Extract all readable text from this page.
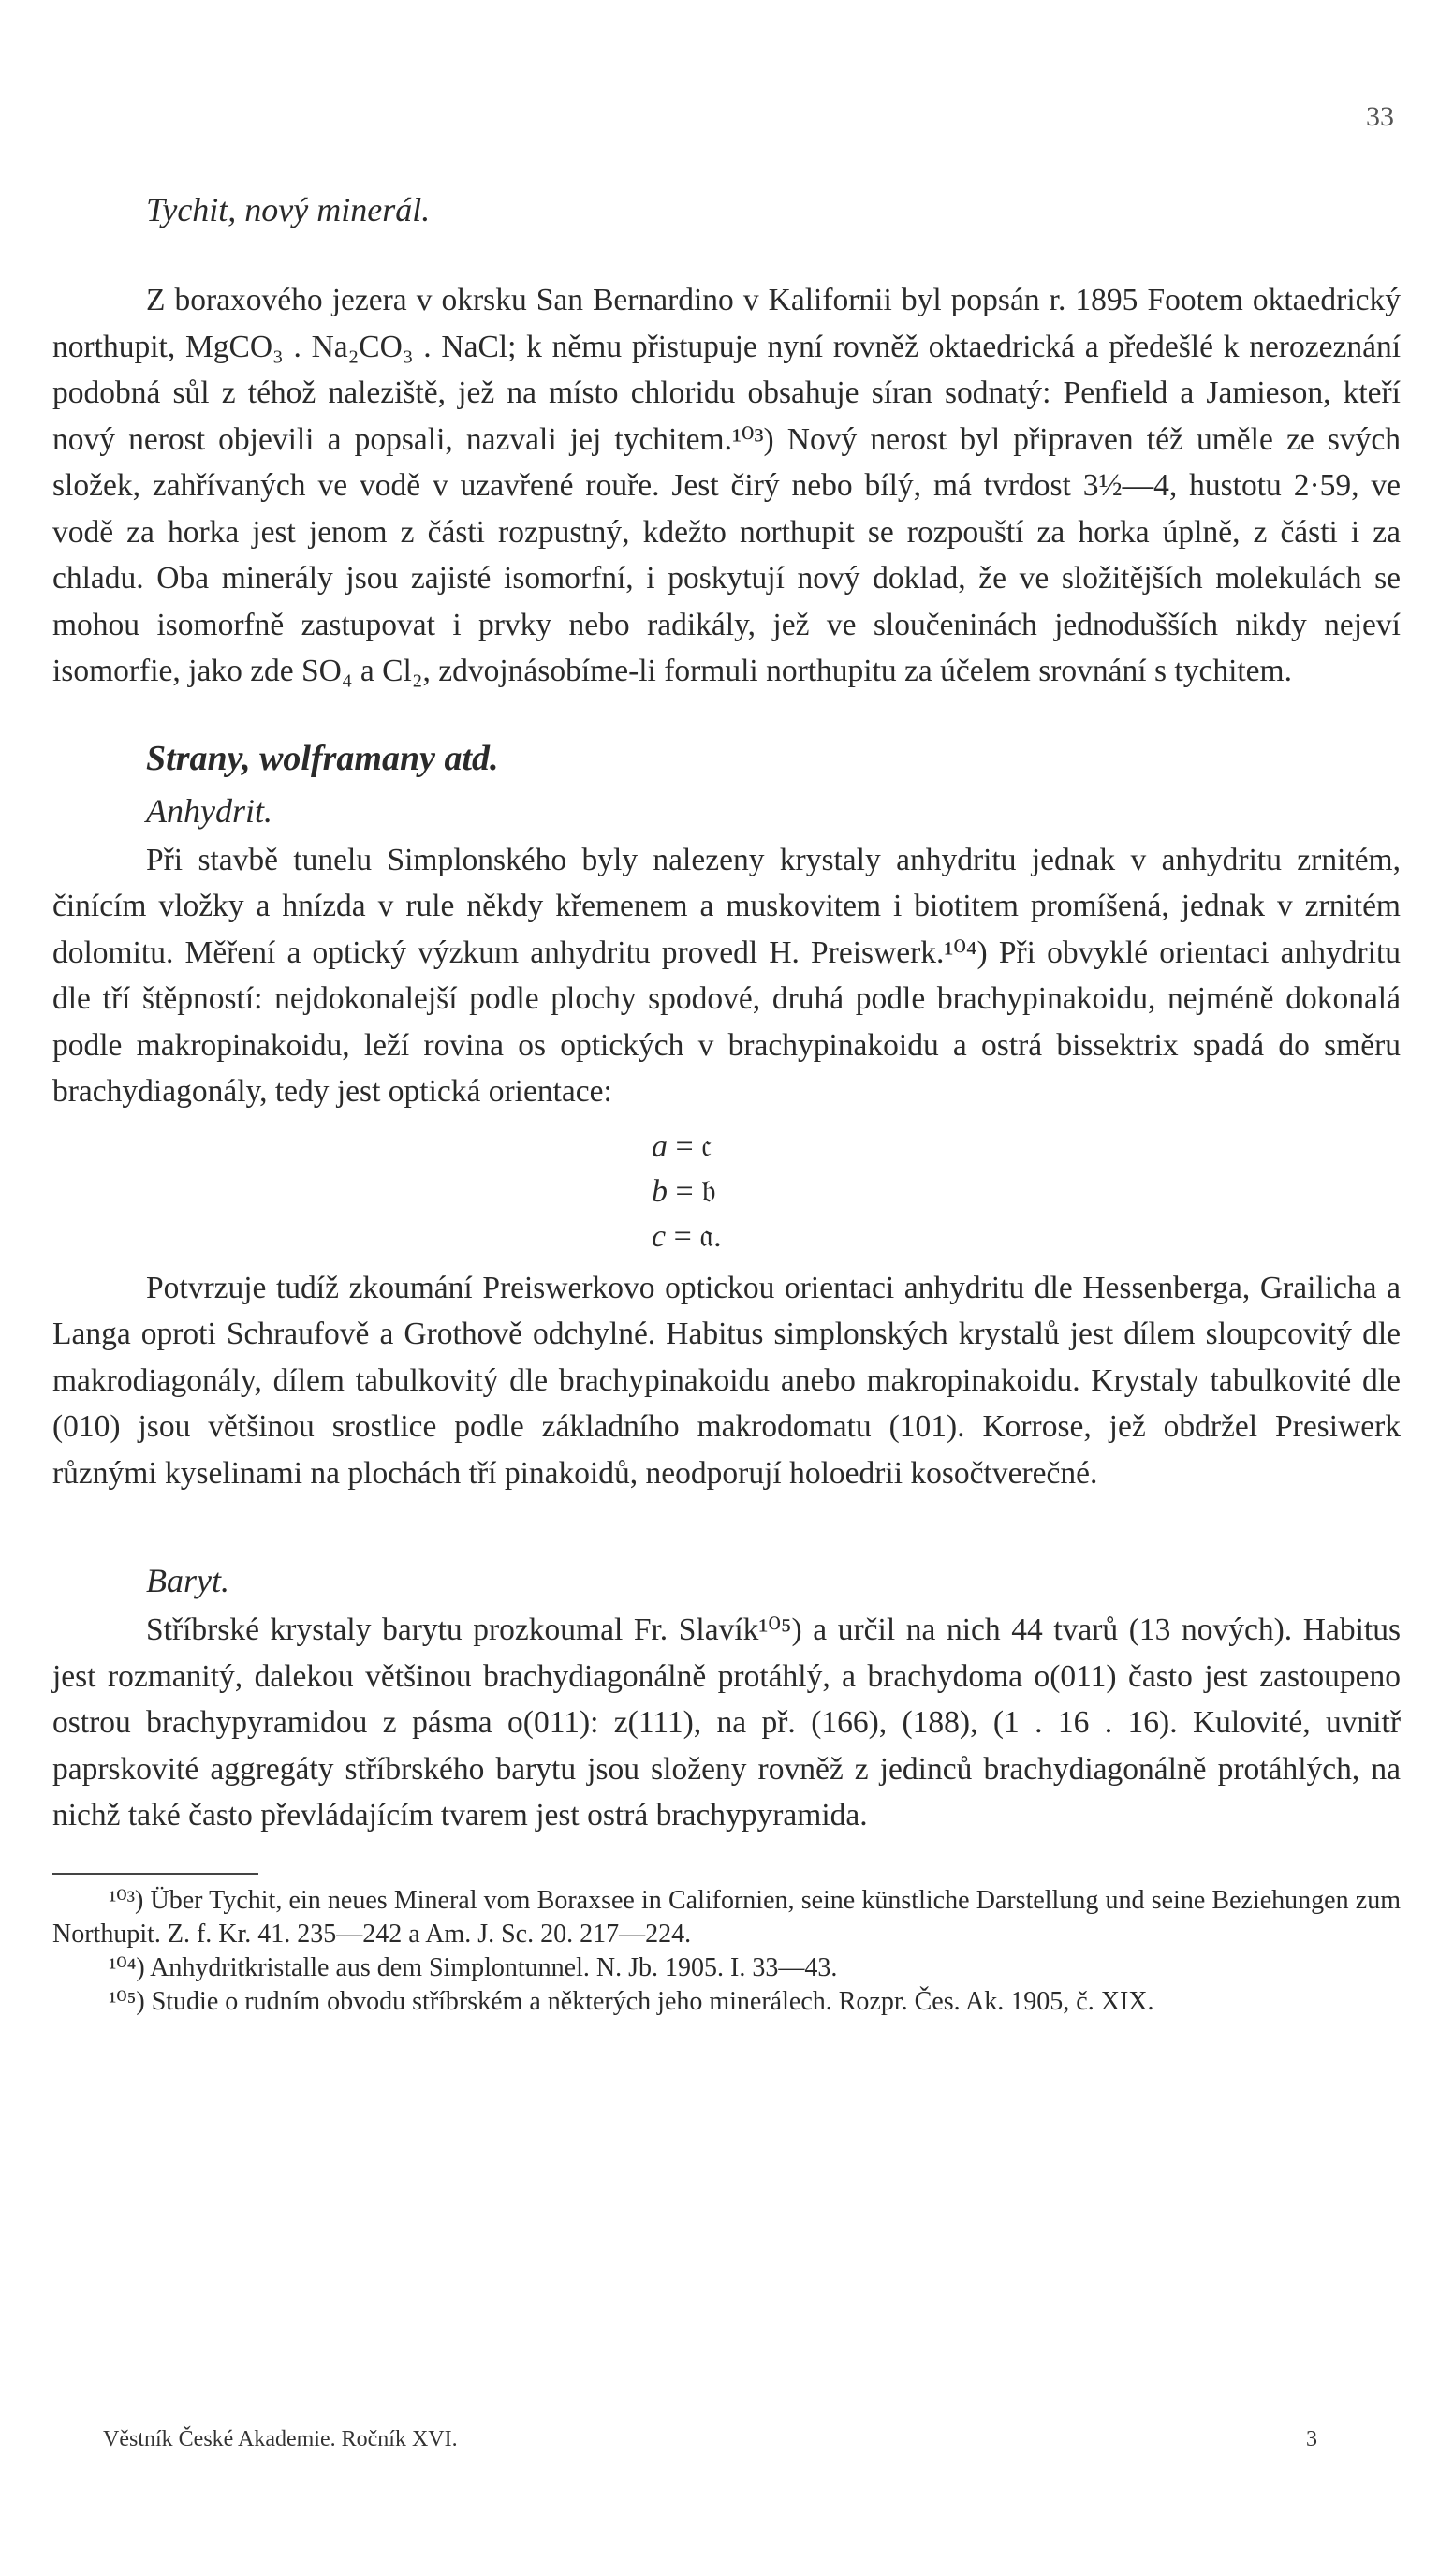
33
Tychit, nový minerál.

Z boraxového jezera v okrsku San Bernardino v Kalifornii byl popsán r. 1895 Footem oktaedrický northupit, MgCO₃ . Na₂CO₃ . NaCl; k němu přistupuje nyní rovněž oktaedrická a předešlé k nerozeznání podobná sůl z téhož naleziště, jež na místo chloridu obsahuje síran sodnatý: Penfield a Jamieson, kteří nový nerost objevili a popsali, nazvali jej tychitem.¹⁰³) Nový nerost byl připraven též uměle ze svých složek, zahřívaných ve vodě v uzavřené rouře. Jest čirý nebo bílý, má tvrdost 3½—4, hustotu 2·59, ve vodě za horka jest jenom z části rozpustný, kdežto northupit se rozpouští za horka úplně, z části i za chladu. Oba minerály jsou zajisté isomorfní, i poskytují nový doklad, že ve složitějších molekulách se mohou isomorfně zastupovat i prvky nebo radikály, jež ve sloučeninách jednodušších nikdy nejeví isomorfie, jako zde SO₄ a Cl₂, zdvojnásobíme-li formuli northupitu za účelem srovnání s tychitem.

Strany, wolframany atd.
Anhydrit.

Při stavbě tunelu Simplonského byly nalezeny krystaly anhydritu jednak v anhydritu zrnitém, činícím vložky a hnízda v rule někdy křemenem a muskovitem i biotitem promíšená, jednak v zrnitém dolomitu. Měření a optický výzkum anhydritu provedl H. Preiswerk.¹⁰⁴) Při obvyklé orientaci anhydritu dle tří štěpností: nejdokonalejší podle plochy spodové, druhá podle brachypinakoidu, nejméně dokonalá podle makropinakoidu, leží rovina os optických v brachypinakoidu a ostrá bissektrix spadá do směru brachydiagonály, tedy jest optická orientace:

a = 𝔠
b = 𝔟
c = 𝔞.

Potvrzuje tudíž zkoumání Preiswerkovo optickou orientaci anhydritu dle Hessenberga, Grailicha a Langa oproti Schraufově a Grothově odchylné. Habitus simplonských krystalů jest dílem sloupcovitý dle makrodiagonály, dílem tabulkovitý dle brachypinakoidu anebo makropinakoidu. Krystaly tabulkovité dle (010) jsou většinou srostlice podle základního makrodomatu (101). Korrose, jež obdržel Presiwerk různými kyselinami na plochách tří pinakoidů, neodporují holoedrii kosočtverečné.

Baryt.

Stříbrské krystaly barytu prozkoumal Fr. Slavík¹⁰⁵) a určil na nich 44 tvarů (13 nových). Habitus jest rozmanitý, dalekou většinou brachydiagonálně protáhlý, a brachydoma o(011) často jest zastoupeno ostrou brachypyramidou z pásma o(011): z(111), na př. (166), (188), (1 . 16 . 16). Kulovité, uvnitř paprskovité aggregáty stříbrského barytu jsou složeny rovněž z jedinců brachydiagonálně protáhlých, na nichž také často převládajícím tvarem jest ostrá brachypyramida.

¹⁰³) Über Tychit, ein neues Mineral vom Boraxsee in Californien, seine künstliche Darstellung und seine Beziehungen zum Northupit. Z. f. Kr. 41. 235—242 a Am. J. Sc. 20. 217—224.

¹⁰⁴) Anhydritkristalle aus dem Simplontunnel. N. Jb. 1905. I. 33—43.

¹⁰⁵) Studie o rudním obvodu stříbrském a některých jeho minerálech. Rozpr. Čes. Ak. 1905, č. XIX.

Věstník České Akademie. Ročník XVI.	3
